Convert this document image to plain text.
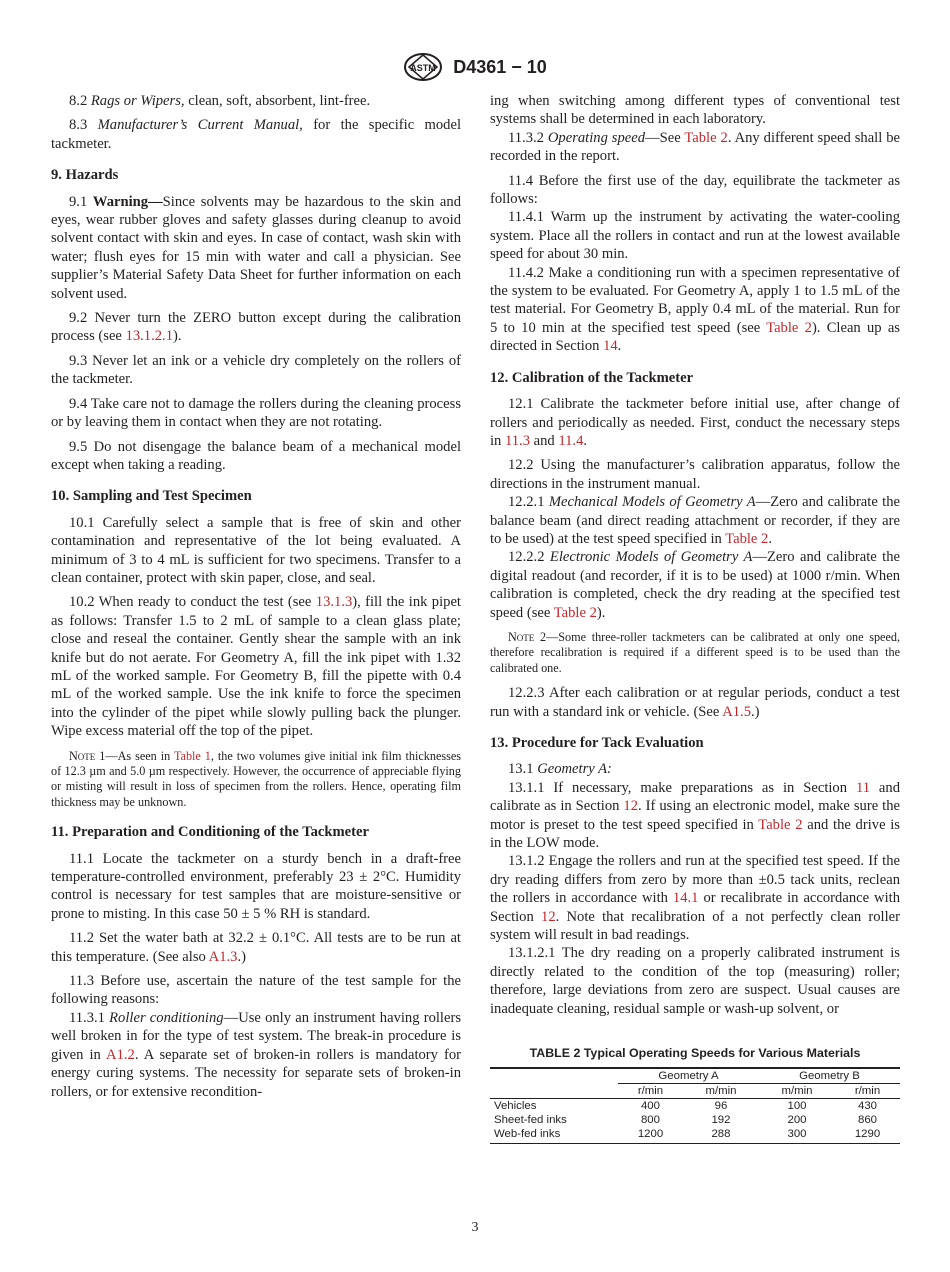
ASTM D4361 − 10

8.2 Rags or Wipers, clean, soft, absorbent, lint-free.

8.3 Manufacturer’s Current Manual, for the specific model tackmeter.

9. Hazards

9.1 Warning—Since solvents may be hazardous to the skin and eyes, wear rubber gloves and safety glasses during cleanup to avoid solvent contact with skin and eyes. In case of contact, wash skin with water; flush eyes for 15 min with water and call a physician. See supplier’s Material Safety Data Sheet for further information on each solvent used.

9.2 Never turn the ZERO button except during the calibration process (see 13.1.2.1).

9.3 Never let an ink or a vehicle dry completely on the rollers of the tackmeter.

9.4 Take care not to damage the rollers during the cleaning process or by leaving them in contact when they are not rotating.

9.5 Do not disengage the balance beam of a mechanical model except when taking a reading.

10. Sampling and Test Specimen

10.1 Carefully select a sample that is free of skin and other contamination and representative of the lot being evaluated. A minimum of 3 to 4 mL is sufficient for two specimens. Transfer to a clean container, protect with skin paper, close, and seal.

10.2 When ready to conduct the test (see 13.1.3), fill the ink pipet as follows: Transfer 1.5 to 2 mL of sample to a clean glass plate; close and reseal the container. Gently shear the sample with an ink knife but do not aerate. For Geometry A, fill the ink pipet with 1.32 mL of the worked sample. For Geometry B, fill the pipette with 0.4 mL of the worked sample. Use the ink knife to force the specimen into the cylinder of the pipet while slowly pulling back the plunger. Wipe excess material off the top of the pipet.

Note 1—As seen in Table 1, the two volumes give initial ink film thicknesses of 12.3 µm and 5.0 µm respectively. However, the occurrence of appreciable flying or misting will result in loss of specimen from the rollers. Hence, operating film thickness may be unknown.

11. Preparation and Conditioning of the Tackmeter

11.1 Locate the tackmeter on a sturdy bench in a draft-free temperature-controlled environment, preferably 23 ± 2°C. Humidity control is necessary for test samples that are moisture-sensitive or prone to misting. In this case 50 ± 5 % RH is standard.

11.2 Set the water bath at 32.2 ± 0.1°C. All tests are to be run at this temperature. (See also A1.3.)

11.3 Before use, ascertain the nature of the test sample for the following reasons:

11.3.1 Roller conditioning—Use only an instrument having rollers well broken in for the type of test system. The break-in procedure is given in A1.2. A separate set of broken-in rollers is mandatory for energy curing systems. The necessity for separate sets of broken-in rollers, or for extensive recondition-

ing when switching among different types of conventional test systems shall be determined in each laboratory.

11.3.2 Operating speed—See Table 2. Any different speed shall be recorded in the report.

11.4 Before the first use of the day, equilibrate the tackmeter as follows:

11.4.1 Warm up the instrument by activating the water-cooling system. Place all the rollers in contact and run at the lowest available speed for about 30 min.

11.4.2 Make a conditioning run with a specimen representative of the system to be evaluated. For Geometry A, apply 1 to 1.5 mL of the test material. For Geometry B, apply 0.4 mL of the material. Run for 5 to 10 min at the specified test speed (see Table 2). Clean up as directed in Section 14.

12. Calibration of the Tackmeter

12.1 Calibrate the tackmeter before initial use, after change of rollers and periodically as needed. First, conduct the necessary steps in 11.3 and 11.4.

12.2 Using the manufacturer’s calibration apparatus, follow the directions in the instrument manual.

12.2.1 Mechanical Models of Geometry A—Zero and calibrate the balance beam (and direct reading attachment or recorder, if they are to be used) at the test speed specified in Table 2.

12.2.2 Electronic Models of Geometry A—Zero and calibrate the digital readout (and recorder, if it is to be used) at 1000 r/min. When calibration is completed, check the dry reading at the specified test speed (see Table 2).

Note 2—Some three-roller tackmeters can be calibrated at only one speed, therefore recalibration is required if a different speed is to be used than the calibrated one.

12.2.3 After each calibration or at regular periods, conduct a test run with a standard ink or vehicle. (See A1.5.)

13. Procedure for Tack Evaluation

13.1 Geometry A:

13.1.1 If necessary, make preparations as in Section 11 and calibrate as in Section 12. If using an electronic model, make sure the motor is preset to the test speed specified in Table 2 and the drive is in the LOW mode.

13.1.2 Engage the rollers and run at the specified test speed. If the dry reading differs from zero by more than ±0.5 tack units, reclean the rollers in accordance with 14.1 or recalibrate in accordance with Section 12. Note that recalibration of a not perfectly clean roller system will result in bad readings.

13.1.2.1 The dry reading on a properly calibrated instrument is directly related to the condition of the top (measuring) roller; therefore, large deviations from zero are suspect. Usual causes are inadequate cleaning, residual sample or wash-up solvent, or

TABLE 2 Typical Operating Speeds for Various Materials

	Geometry A		Geometry B	
	r/min	m/min	m/min	r/min
Vehicles	400	96	100	430
Sheet-fed inks	800	192	200	860
Web-fed inks	1200	288	300	1290

3
